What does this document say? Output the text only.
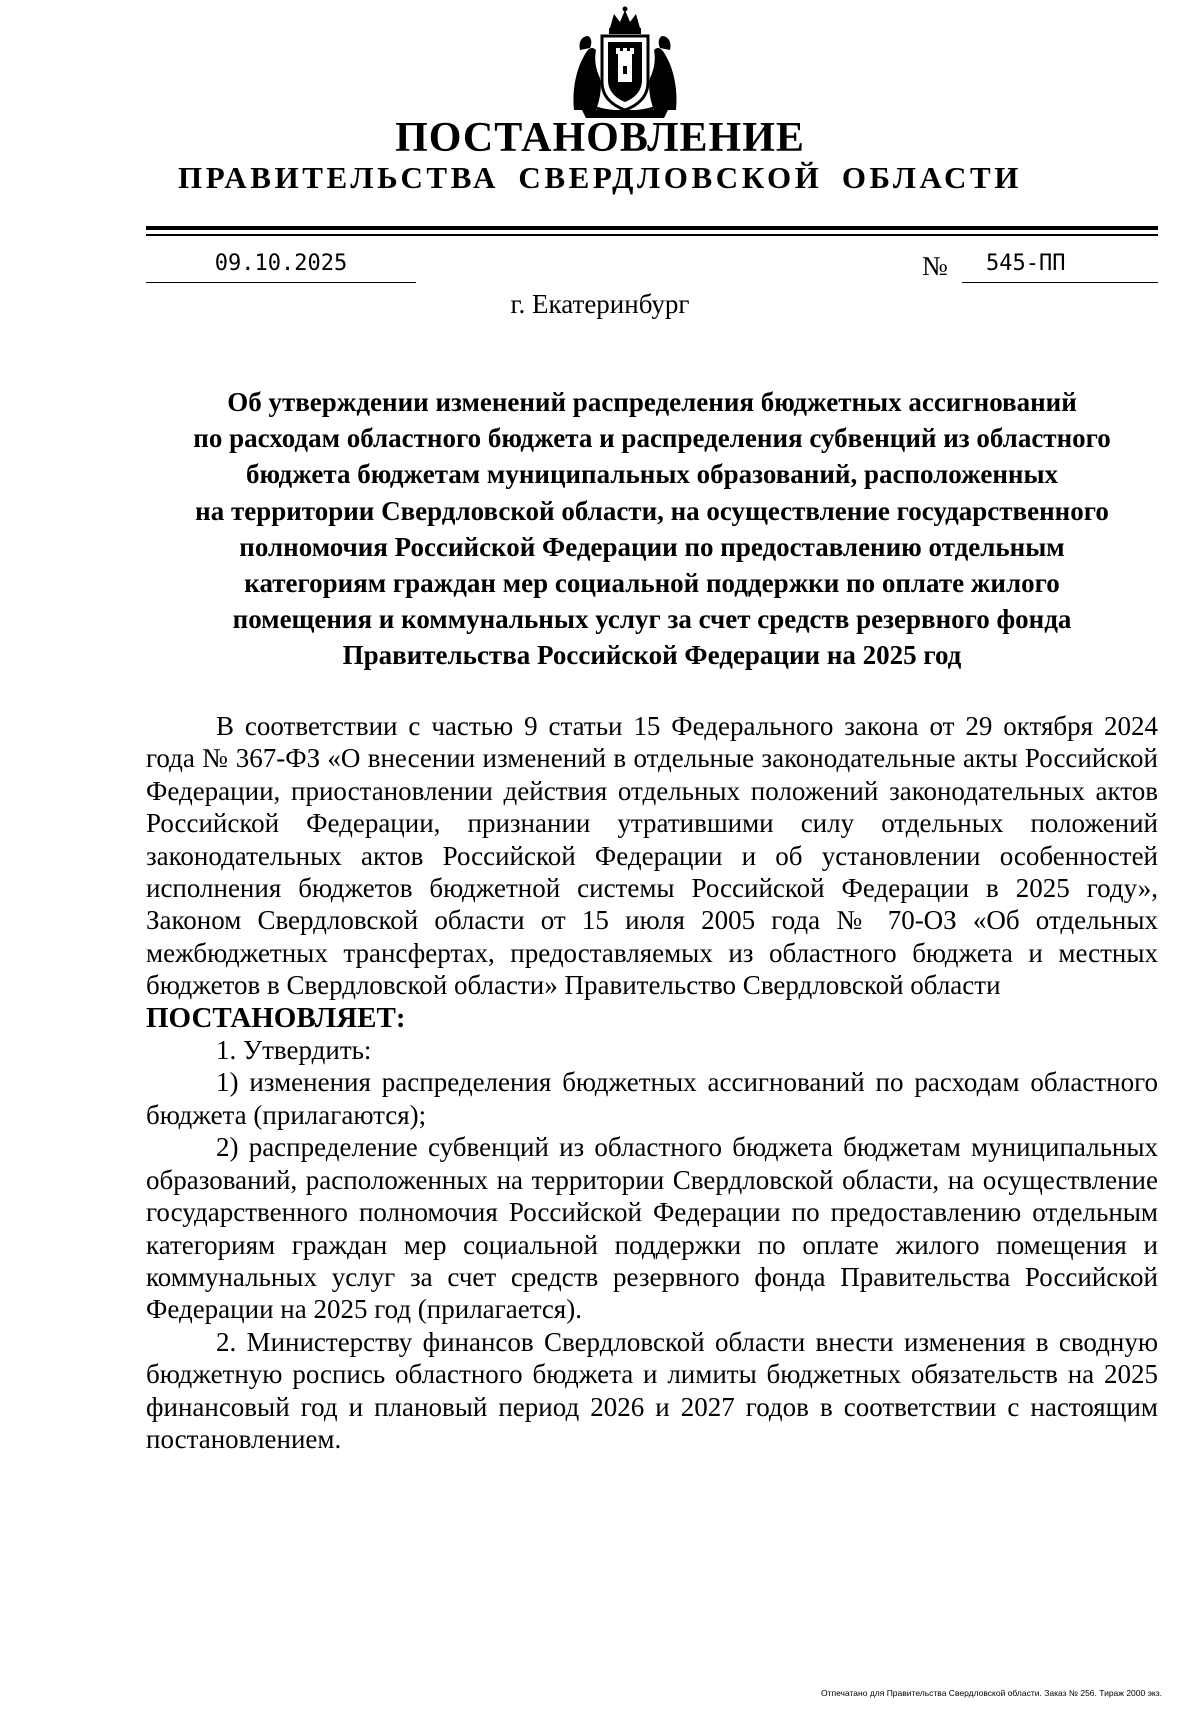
ПОСТАНОВЛЕНИЕ
ПРАВИТЕЛЬСТВА СВЕРДЛОВСКОЙ ОБЛАСТИ
09.10.2025	№	545-ПП
г. Екатеринбург
Об утверждении изменений распределения бюджетных ассигнований
по расходам областного бюджета и распределения субвенций из областного
бюджета бюджетам муниципальных образований, расположенных
на территории Свердловской области, на осуществление государственного
полномочия Российской Федерации по предоставлению отдельным
категориям граждан мер социальной поддержки по оплате жилого
помещения и коммунальных услуг за счет средств резервного фонда
Правительства Российской Федерации на 2025 год

В соответствии с частью 9 статьи 15 Федерального закона от 29 октября 2024 года № 367-ФЗ «О внесении изменений в отдельные законодательные акты Российской Федерации, приостановлении действия отдельных положений законодательных актов Российской Федерации, признании утратившими силу отдельных положений законодательных актов Российской Федерации и об установлении особенностей исполнения бюджетов бюджетной системы Российской Федерации в 2025 году», Законом Свердловской области от 15 июля 2005 года № 70-ОЗ «Об отдельных межбюджетных трансфертах, предоставляемых из областного бюджета и местных бюджетов в Свердловской области» Правительство Свердловской области

ПОСТАНОВЛЯЕТ:

1. Утвердить:

1) изменения распределения бюджетных ассигнований по расходам областного бюджета (прилагаются);

2) распределение субвенций из областного бюджета бюджетам муниципальных образований, расположенных на территории Свердловской области, на осуществление государственного полномочия Российской Федерации по предоставлению отдельным категориям граждан мер социальной поддержки по оплате жилого помещения и коммунальных услуг за счет средств резервного фонда Правительства Российской Федерации на 2025 год (прилагается).

2. Министерству финансов Свердловской области внести изменения в сводную бюджетную роспись областного бюджета и лимиты бюджетных обязательств на 2025 финансовый год и плановый период 2026 и 2027 годов в соответствии с настоящим постановлением.

Отпечатано для Правительства Свердловской области. Заказ № 256. Тираж 2000 экз.
